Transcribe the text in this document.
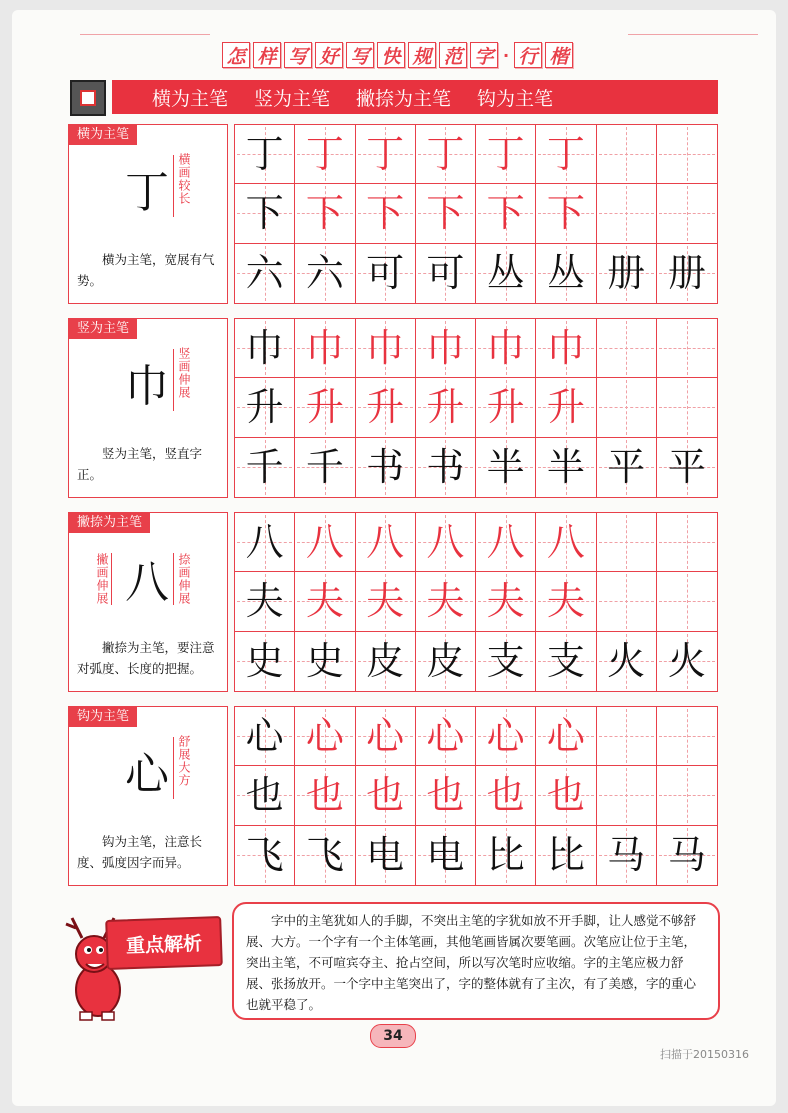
怎 样 写 好 写 快 规 范 字 · 行 楷
横为主笔 竖为主笔 撇捺为主笔 钩为主笔
横为主笔
丁 横画较长
横为主笔，宽展有气势。
丁 丁 丁 丁 丁 丁
下 下 下 下 下 下
六 六 可 可 丛 丛 册 册
竖为主笔
巾 竖画伸展
竖为主笔，竖直字正。
巾 巾 巾 巾 巾 巾
升 升 升 升 升 升
千 千 书 书 半 半 平 平
撇捺为主笔
八
撇画伸展	捺画伸展
撇捺为主笔，要注意对弧度、长度的把握。
八 八 八 八 八 八
夫 夫 夫 夫 夫 夫
史 史 皮 皮 支 支 火 火
钩为主笔
心 舒展大方
钩为主笔，注意长度、弧度因字而异。
心 心 心 心 心 心
也 也 也 也 也 也
飞 飞 电 电 比 比 马 马
重点解析
字中的主笔犹如人的手脚，不突出主笔的字犹如放不开手脚，让人感觉不够舒展、大方。一个字有一个主体笔画，其他笔画皆属次要笔画。次笔应让位于主笔，突出主笔，不可喧宾夺主、抢占空间，所以写次笔时应收缩。字的主笔应极力舒展、张扬放开。一个字中主笔突出了，字的整体就有了主次，有了美感，字的重心也就平稳了。
34
扫描于20150316
